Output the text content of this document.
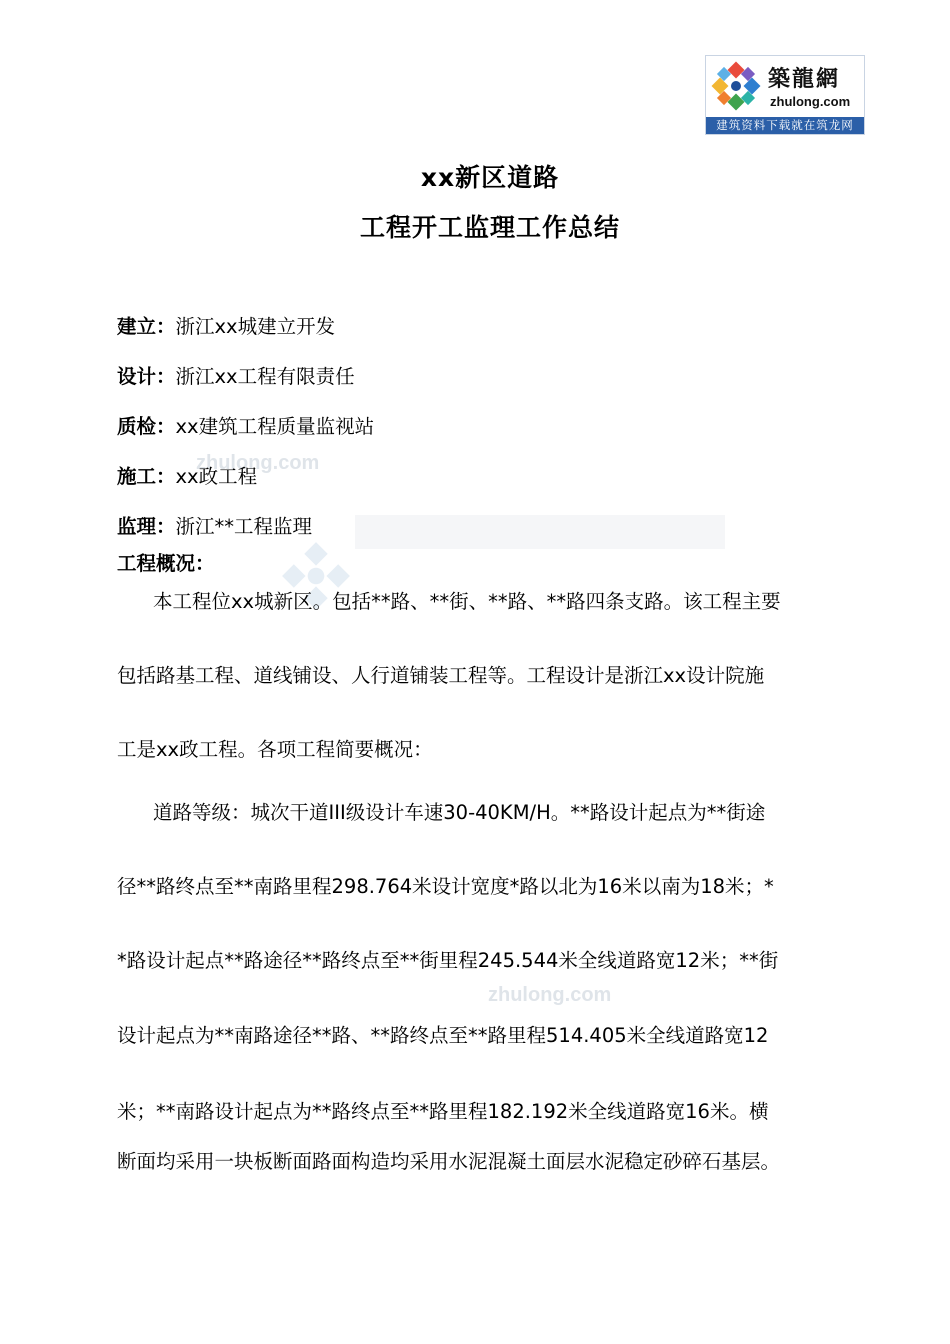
築龍網
zhulong.com
建筑资料下载就在筑龙网
zhulong.com
zhulong.com
xx新区道路
工程开工监理工作总结
建立：浙江xx城建立开发
设计：浙江xx工程有限责任
质检：xx建筑工程质量监视站
施工：xx政工程
监理：浙江**工程监理
工程概况：
本工程位xx城新区。包括**路、**街、**路、**路四条支路。该工程主要
包括路基工程、道线铺设、人行道铺装工程等。工程设计是浙江xx设计院施
工是xx政工程。各项工程简要概况：
道路等级：城次干道III级设计车速30-40KM/H。**路设计起点为**街途
径**路终点至**南路里程298.764米设计宽度*路以北为16米以南为18米；*
*路设计起点**路途径**路终点至**街里程245.544米全线道路宽12米；**街
设计起点为**南路途径**路、**路终点至**路里程514.405米全线道路宽12
米；**南路设计起点为**路终点至**路里程182.192米全线道路宽16米。横
断面均采用一块板断面路面构造均采用水泥混凝土面层水泥稳定砂碎石基层。
